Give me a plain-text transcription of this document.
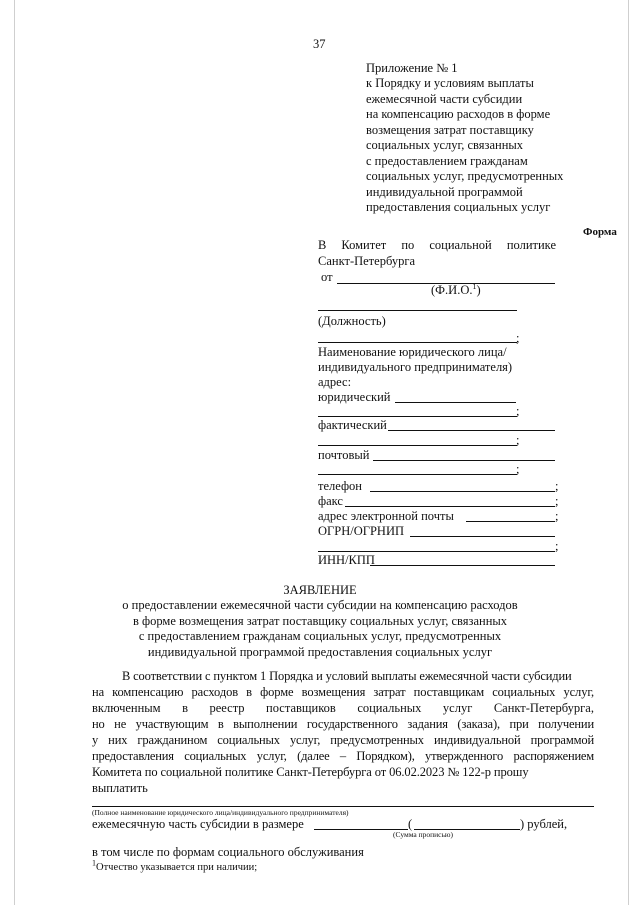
37
Приложение № 1
к Порядку и условиям выплаты
ежемесячной части субсидии
на компенсацию расходов в форме
возмещения затрат поставщику
социальных услуг, связанных
с предоставлением гражданам
социальных услуг, предусмотренных
индивидуальной программой
предоставления социальных услуг
Форма
В Комитет по социальной политике
Санкт-Петербурга
от
(Ф.И.О.$^1$)
(Должность)
;
Наименование юридического лица/
индивидуального предпринимателя)
адрес:
юридический
;
фактический
;
почтовый
;
телефон	;
факс	;
адрес электронной почты	;
ОГРН/ОГРНИП
;
ИНН/КПП
ЗАЯВЛЕНИЕ
о предоставлении ежемесячной части субсидии на компенсацию расходов
в форме возмещения затрат поставщику социальных услуг, связанных
с предоставлением гражданам социальных услуг, предусмотренных
индивидуальной программой предоставления социальных услуг
В соответствии с пунктом 1 Порядка и условий выплаты ежемесячной части субсидии
на компенсацию расходов в форме возмещения затрат поставщикам социальных услуг,
включенным в реестр поставщиков социальных услуг Санкт-Петербурга,
но не участвующим в выполнении государственного задания (заказа), при получении
у них гражданином социальных услуг, предусмотренных индивидуальной программой
предоставления социальных услуг, (далее – Порядком), утвержденного распоряжением
Комитета по социальной политике Санкт-Петербурга от 06.02.2023 № 122-р прошу
выплатить
(Полное наименование юридического лица/индивидуального предпринимателя)
ежемесячную часть субсидии в размере	(	) рублей,
(Сумма прописью)
в том числе по формам социального обслуживания
$^1$Отчество указывается при наличии;
